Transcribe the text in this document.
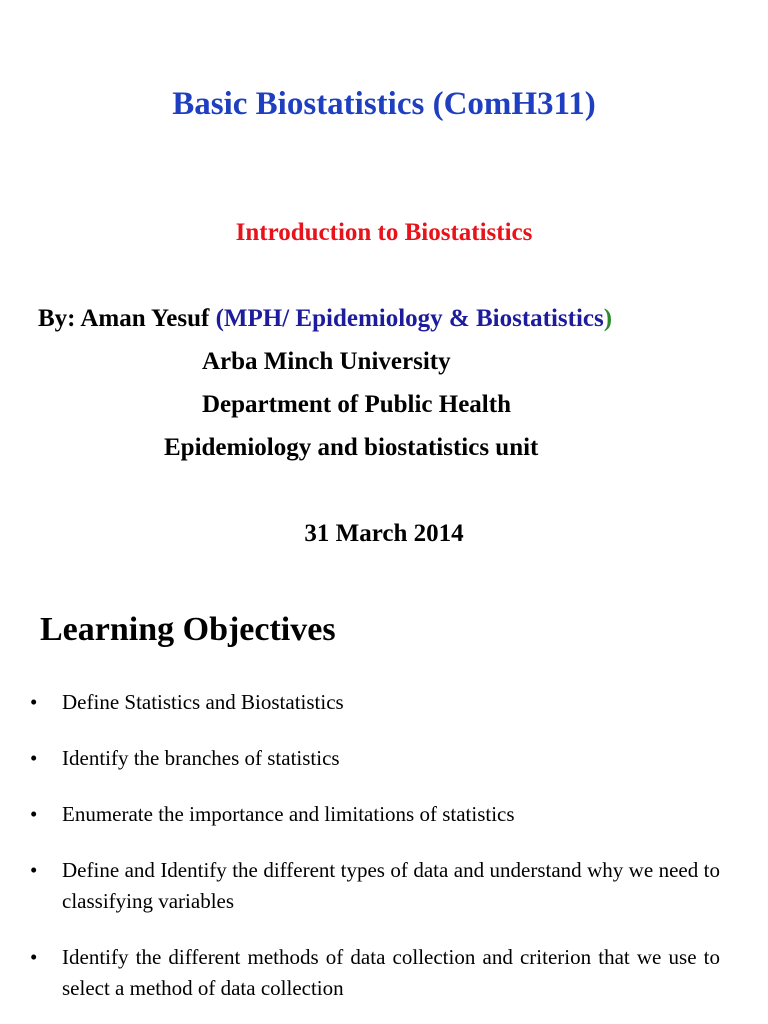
Basic Biostatistics (ComH311)
Introduction to Biostatistics
By: Aman Yesuf (MPH/ Epidemiology & Biostatistics)
Arba Minch University
Department of Public Health
Epidemiology and biostatistics unit
31 March 2014
Learning Objectives
• Define Statistics and Biostatistics
• Identify the branches of statistics
• Enumerate the importance and limitations of statistics
• Define and Identify the different types of data and understand why we need to classifying variables
• Identify the different methods of data collection and criterion that we use to select a method of data collection
